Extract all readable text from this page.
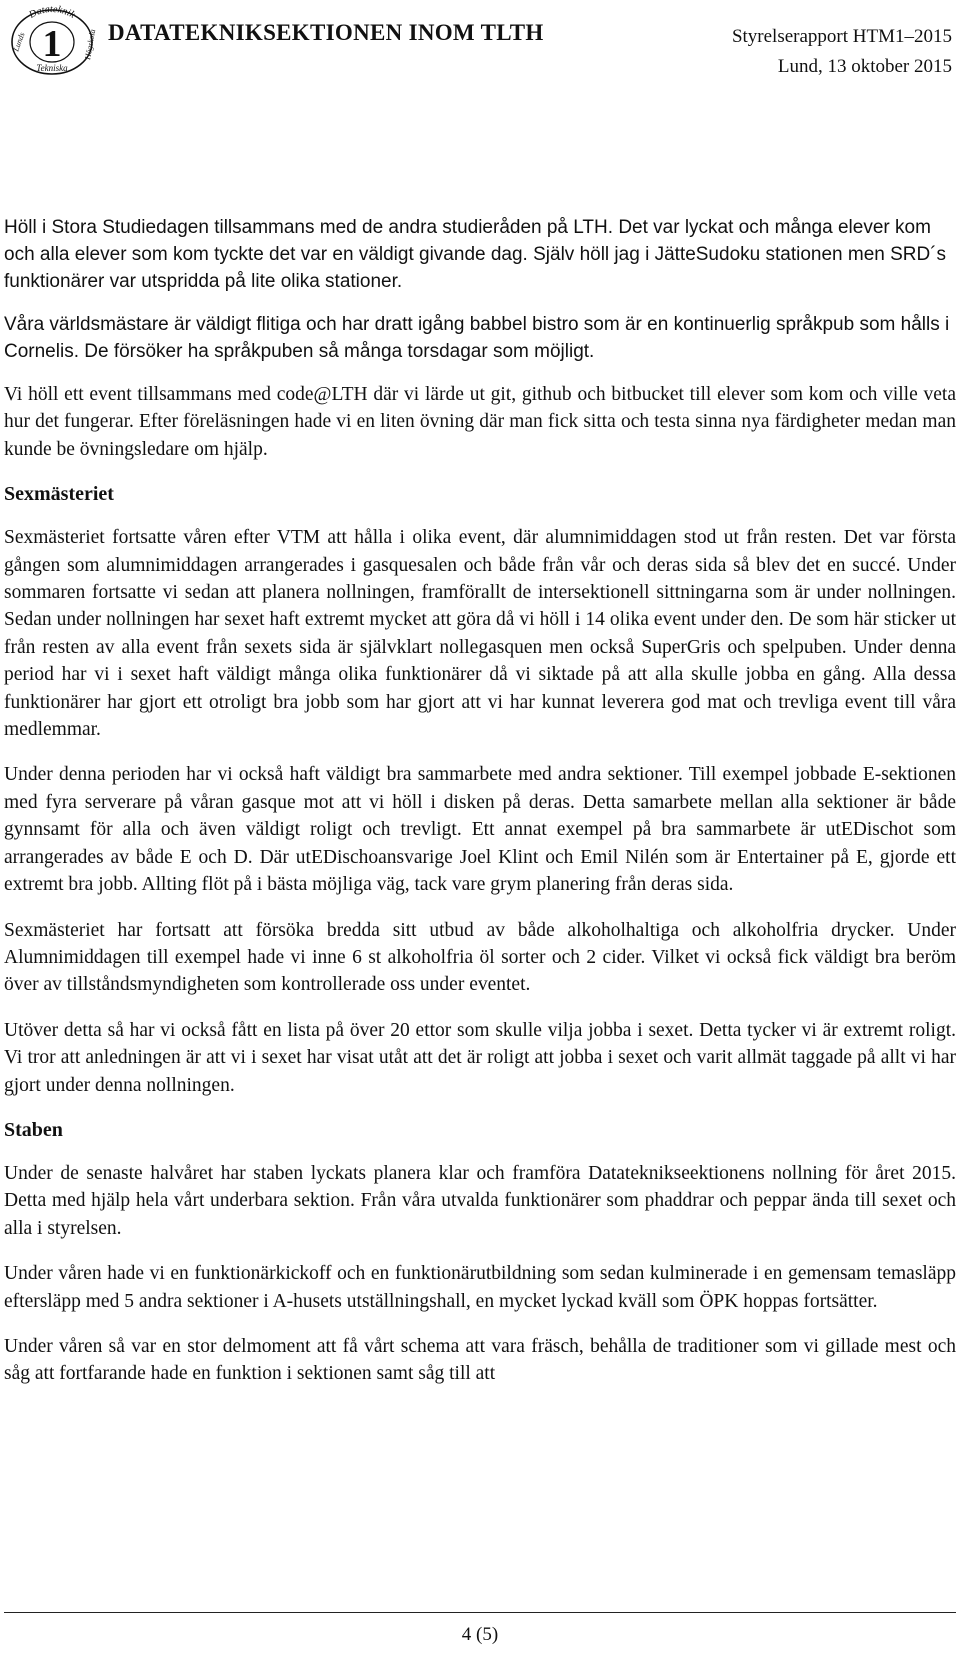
Datateknik
1
Lunds
Tekniska
Högskola DATATEKNIKSEKTIONEN INOM TLTH	Styrelserapport HTM1–2015
Lund, 13 oktober 2015

Höll i Stora Studiedagen tillsammans med de andra studieråden på LTH. Det var lyckat och många elever kom och alla elever som kom tyckte det var en väldigt givande dag. Själv höll jag i JätteSudoku stationen men SRD´s funktionärer var utspridda på lite olika stationer.

Våra världsmästare är väldigt flitiga och har dratt igång babbel bistro som är en kontinuerlig språkpub som hålls i Cornelis. De försöker ha språkpuben så många torsdagar som möjligt.

Vi höll ett event tillsammans med code@LTH där vi lärde ut git, github och bitbucket till elever som kom och ville veta hur det fungerar. Efter föreläsningen hade vi en liten övning där man fick sitta och testa sinna nya färdigheter medan man kunde be övningsledare om hjälp.

Sexmästeriet

Sexmästeriet fortsatte våren efter VTM att hålla i olika event, där alumnimiddagen stod ut från resten. Det var första gången som alumnimiddagen arrangerades i gasquesalen och både från vår och deras sida så blev det en succé. Under sommaren fortsatte vi sedan att planera nollningen, framförallt de intersektionell sittningarna som är under nollningen. Sedan under nollningen har sexet haft extremt mycket att göra då vi höll i 14 olika event under den. De som här sticker ut från resten av alla event från sexets sida är självklart nollegasquen men också SuperGris och spelpuben. Under denna period har vi i sexet haft väldigt många olika funktionärer då vi siktade på att alla skulle jobba en gång. Alla dessa funktionärer har gjort ett otroligt bra jobb som har gjort att vi har kunnat leverera god mat och trevliga event till våra medlemmar.

Under denna perioden har vi också haft väldigt bra sammarbete med andra sektioner. Till exempel jobbade E-sektionen med fyra serverare på våran gasque mot att vi höll i disken på deras. Detta samarbete mellan alla sektioner är både gynnsamt för alla och även väldigt roligt och trevligt. Ett annat exempel på bra sammarbete är utEDischot som arrangerades av både E och D. Där utEDischoansvarige Joel Klint och Emil Nilén som är Entertainer på E, gjorde ett extremt bra jobb. Allting flöt på i bästa möjliga väg, tack vare grym planering från deras sida.

Sexmästeriet har fortsatt att försöka bredda sitt utbud av både alkoholhaltiga och alkoholfria drycker. Under Alumnimiddagen till exempel hade vi inne 6 st alkoholfria öl sorter och 2 cider. Vilket vi också fick väldigt bra beröm över av tillståndsmyndigheten som kontrollerade oss under eventet.

Utöver detta så har vi också fått en lista på över 20 ettor som skulle vilja jobba i sexet. Detta tycker vi är extremt roligt. Vi tror att anledningen är att vi i sexet har visat utåt att det är roligt att jobba i sexet och varit allmät taggade på allt vi har gjort under denna nollningen.

Staben

Under de senaste halvåret har staben lyckats planera klar och framföra Datateknikseektionens nollning för året 2015. Detta med hjälp hela vårt underbara sektion. Från våra utvalda funktionärer som phaddrar och peppar ända till sexet och alla i styrelsen.

Under våren hade vi en funktionärkickoff och en funktionärutbildning som sedan kulminerade i en gemensam temasläpp eftersläpp med 5 andra sektioner i A-husets utställningshall, en mycket lyckad kväll som ÖPK hoppas fortsätter.

Under våren så var en stor delmoment att få vårt schema att vara fräsch, behålla de traditioner som vi gillade mest och såg att fortfarande hade en funktion i sektionen samt såg till att

4 (5)
